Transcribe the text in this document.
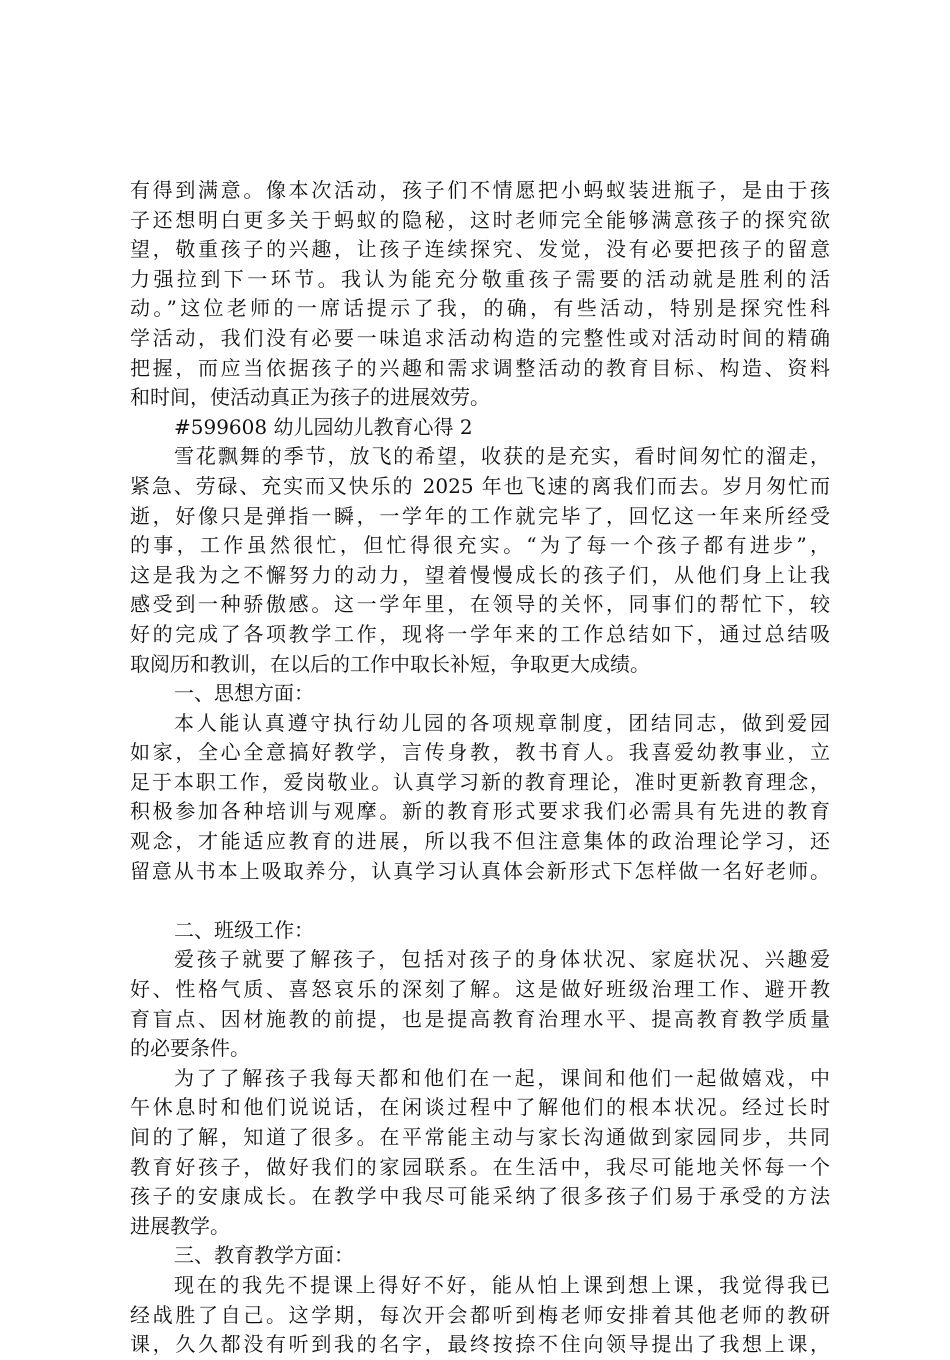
有得到满意。像本次活动，孩子们不情愿把小蚂蚁装进瓶子，是由于孩
子还想明白更多关于蚂蚁的隐秘，这时老师完全能够满意孩子的探究欲
望，敬重孩子的兴趣，让孩子连续探究、发觉，没有必要把孩子的留意
力强拉到下一环节。我认为能充分敬重孩子需要的活动就是胜利的活
动。”这位老师的一席话提示了我，的确，有些活动，特别是探究性科
学活动，我们没有必要一味追求活动构造的完整性或对活动时间的精确
把握，而应当依据孩子的兴趣和需求调整活动的教育目标、构造、资料
和时间，使活动真正为孩子的进展效劳。
#599608 幼儿园幼儿教育心得 2
雪花飘舞的季节，放飞的希望，收获的是充实，看时间匆忙的溜走，
紧急、劳碌、充实而又快乐的 2025 年也飞速的离我们而去。岁月匆忙而
逝，好像只是弹指一瞬，一学年的工作就完毕了，回忆这一年来所经受
的事，工作虽然很忙，但忙得很充实。“为了每一个孩子都有进步”，
这是我为之不懈努力的动力，望着慢慢成长的孩子们，从他们身上让我
感受到一种骄傲感。这一学年里，在领导的关怀，同事们的帮忙下，较
好的完成了各项教学工作，现将一学年来的工作总结如下，通过总结吸
取阅历和教训，在以后的工作中取长补短，争取更大成绩。
一、思想方面：
本人能认真遵守执行幼儿园的各项规章制度，团结同志，做到爱园
如家，全心全意搞好教学，言传身教，教书育人。我喜爱幼教事业，立
足于本职工作，爱岗敬业。认真学习新的教育理论，准时更新教育理念，
积极参加各种培训与观摩。新的教育形式要求我们必需具有先进的教育
观念，才能适应教育的进展，所以我不但注意集体的政治理论学习，还
留意从书本上吸取养分，认真学习认真体会新形式下怎样做一名好老师。
二、班级工作：
爱孩子就要了解孩子，包括对孩子的身体状况、家庭状况、兴趣爱
好、性格气质、喜怒哀乐的深刻了解。这是做好班级治理工作、避开教
育盲点、因材施教的前提，也是提高教育治理水平、提高教育教学质量
的必要条件。
为了了解孩子我每天都和他们在一起，课间和他们一起做嬉戏，中
午休息时和他们说说话，在闲谈过程中了解他们的根本状况。经过长时
间的了解，知道了很多。在平常能主动与家长沟通做到家园同步，共同
教育好孩子，做好我们的家园联系。在生活中，我尽可能地关怀每一个
孩子的安康成长。在教学中我尽可能采纳了很多孩子们易于承受的方法
进展教学。
三、教育教学方面：
现在的我先不提课上得好不好，能从怕上课到想上课，我觉得我已
经战胜了自己。这学期，每次开会都听到梅老师安排着其他老师的教研
课，久久都没有听到我的名字，最终按捺不住向领导提出了我想上课，
